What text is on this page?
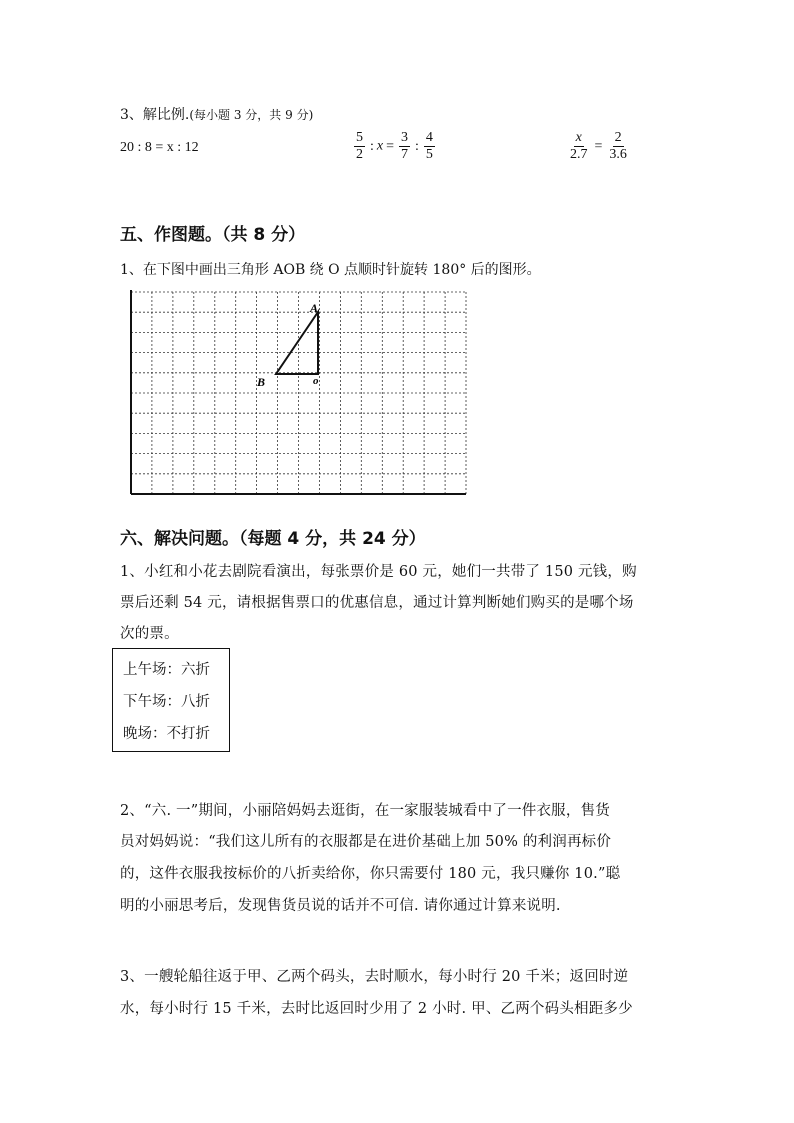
3、解比例.(每小题 3 分，共 9 分)
20 : 8 = x : 12	$\frac{5}{2}$ : $x = \frac{3}{7}$ : $\frac{4}{5}$	$\frac{x}{2.7} = \frac{2}{3.6}$
五、作图题。（共 8 分）
1、在下图中画出三角形 AOB 绕 O 点顺时针旋转 180° 后的图形。
A
B	o
六、解决问题。（每题 4 分，共 24 分）
1、小红和小花去剧院看演出，每张票价是 60 元，她们一共带了 150 元钱，购
票后还剩 54 元，请根据售票口的优惠信息，通过计算判断她们购买的是哪个场
次的票。
上午场：六折
下午场：八折
晚场：不打折
2、“六. 一”期间，小丽陪妈妈去逛街，在一家服装城看中了一件衣服，售货
员对妈妈说：“我们这儿所有的衣服都是在进价基础上加 50% 的利润再标价
的，这件衣服我按标价的八折卖给你，你只需要付 180 元，我只赚你 10.”聪
明的小丽思考后，发现售货员说的话并不可信. 请你通过计算来说明.
3、一艘轮船往返于甲、乙两个码头，去时顺水，每小时行 20 千米；返回时逆
水，每小时行 15 千米，去时比返回时少用了 2 小时. 甲、乙两个码头相距多少
